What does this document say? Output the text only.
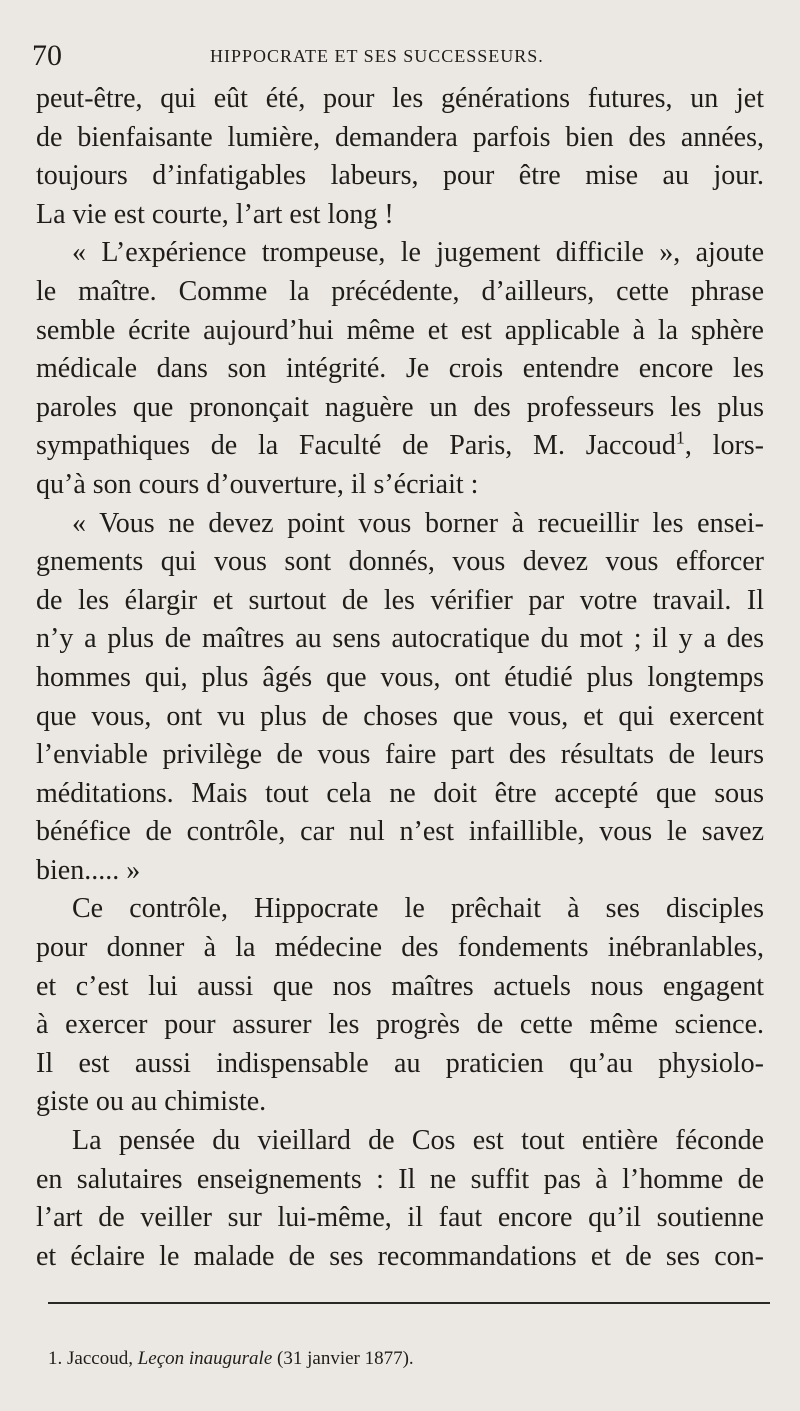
70	HIPPOCRATE ET SES SUCCESSEURS.
peut-être, qui eût été, pour les générations futures, un jet
de bienfaisante lumière, demandera parfois bien des années,
toujours d’infatigables labeurs, pour être mise au jour.
La vie est courte, l’art est long !
« L’expérience trompeuse, le jugement difficile », ajoute
le maître. Comme la précédente, d’ailleurs, cette phrase
semble écrite aujourd’hui même et est applicable à la sphère
médicale dans son intégrité. Je crois entendre encore les
paroles que prononçait naguère un des professeurs les plus
sympathiques de la Faculté de Paris, M. Jaccoud$^1$, lors-
qu’à son cours d’ouverture, il s’écriait :
« Vous ne devez point vous borner à recueillir les ensei-
gnements qui vous sont donnés, vous devez vous efforcer
de les élargir et surtout de les vérifier par votre travail. Il
n’y a plus de maîtres au sens autocratique du mot ; il y a des
hommes qui, plus âgés que vous, ont étudié plus longtemps
que vous, ont vu plus de choses que vous, et qui exercent
l’enviable privilège de vous faire part des résultats de leurs
méditations. Mais tout cela ne doit être accepté que sous
bénéfice de contrôle, car nul n’est infaillible, vous le savez
bien..... »
Ce contrôle, Hippocrate le prêchait à ses disciples
pour donner à la médecine des fondements inébranlables,
et c’est lui aussi que nos maîtres actuels nous engagent
à exercer pour assurer les progrès de cette même science.
Il est aussi indispensable au praticien qu’au physiolo-
giste ou au chimiste.
La pensée du vieillard de Cos est tout entière féconde
en salutaires enseignements : Il ne suffit pas à l’homme de
l’art de veiller sur lui-même, il faut encore qu’il soutienne
et éclaire le malade de ses recommandations et de ses con-
1. Jaccoud, Leçon inaugurale (31 janvier 1877).
